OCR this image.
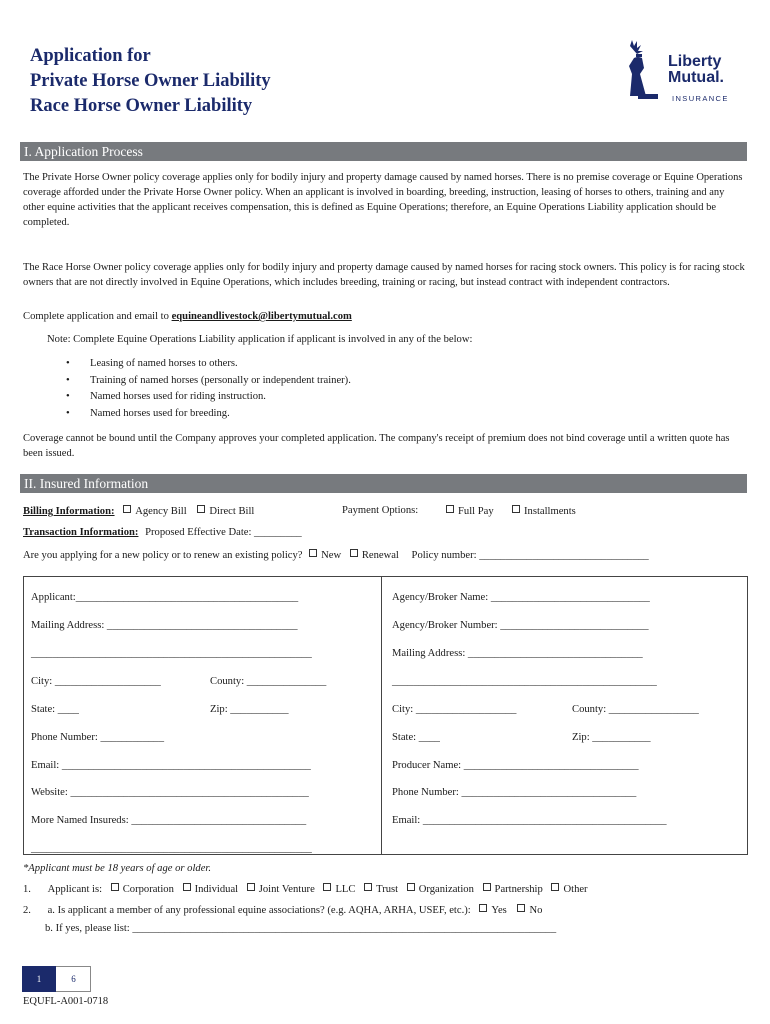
Application for
Private Horse Owner Liability
Race Horse Owner Liability
Liberty
Mutual.
INSURANCE
I. Application Process
The Private Horse Owner policy coverage applies only for bodily injury and property damage caused by named horses. There is no premise coverage or Equine Operations coverage afforded under the Private Horse Owner policy. When an applicant is involved in boarding, breeding, instruction, leasing of horses to others, training and any other equine activities that the applicant receives compensation, this is defined as Equine Operations; therefore, an Equine Operations Liability application should be completed.
The Race Horse Owner policy coverage applies only for bodily injury and property damage caused by named horses for racing stock owners. This policy is for racing stock owners that are not directly involved in Equine Operations, which includes breeding, training or racing, but instead contract with independent contractors.
Complete application and email to equineandlivestock@libertymutual.com
Note: Complete Equine Operations Liability application if applicant is involved in any of the below:
• Leasing of named horses to others.
• Training of named horses (personally or independent trainer).
• Named horses used for riding instruction.
• Named horses used for breeding.
Coverage cannot be bound until the Company approves your completed application. The company's receipt of premium does not bind coverage until a written quote has been issued.
II. Insured Information
Billing Information: Agency Bill Direct Bill	Payment Options:	Full Pay	Installments
Transaction Information: Proposed Effective Date: _________
Are you applying for a new policy or to renew an existing policy? New Renewal Policy number: ________________________________
Applicant:__________________________________________
Mailing Address: ____________________________________
_____________________________________________________
City: ____________________	County: _______________
State: ____	Zip: ___________
Phone Number: ____________
Email: _______________________________________________
Website: _____________________________________________
More Named Insureds: _________________________________
_____________________________________________________
Agency/Broker Name: ______________________________
Agency/Broker Number: ____________________________
Mailing Address: _________________________________
__________________________________________________
City: ___________________	County: _________________
State: ____	Zip: ___________
Producer Name: _________________________________
Phone Number: _________________________________
Email: ______________________________________________
*Applicant must be 18 years of age or older.
1. Applicant is: Corporation Individual Joint Venture LLC Trust Organization Partnership Other
2. a. Is applicant a member of any professional equine associations? (e.g. AQHA, ARHA, USEF, etc.): Yes No
b. If yes, please list: ________________________________________________________________________________
1	6
EQUFL-A001-0718
